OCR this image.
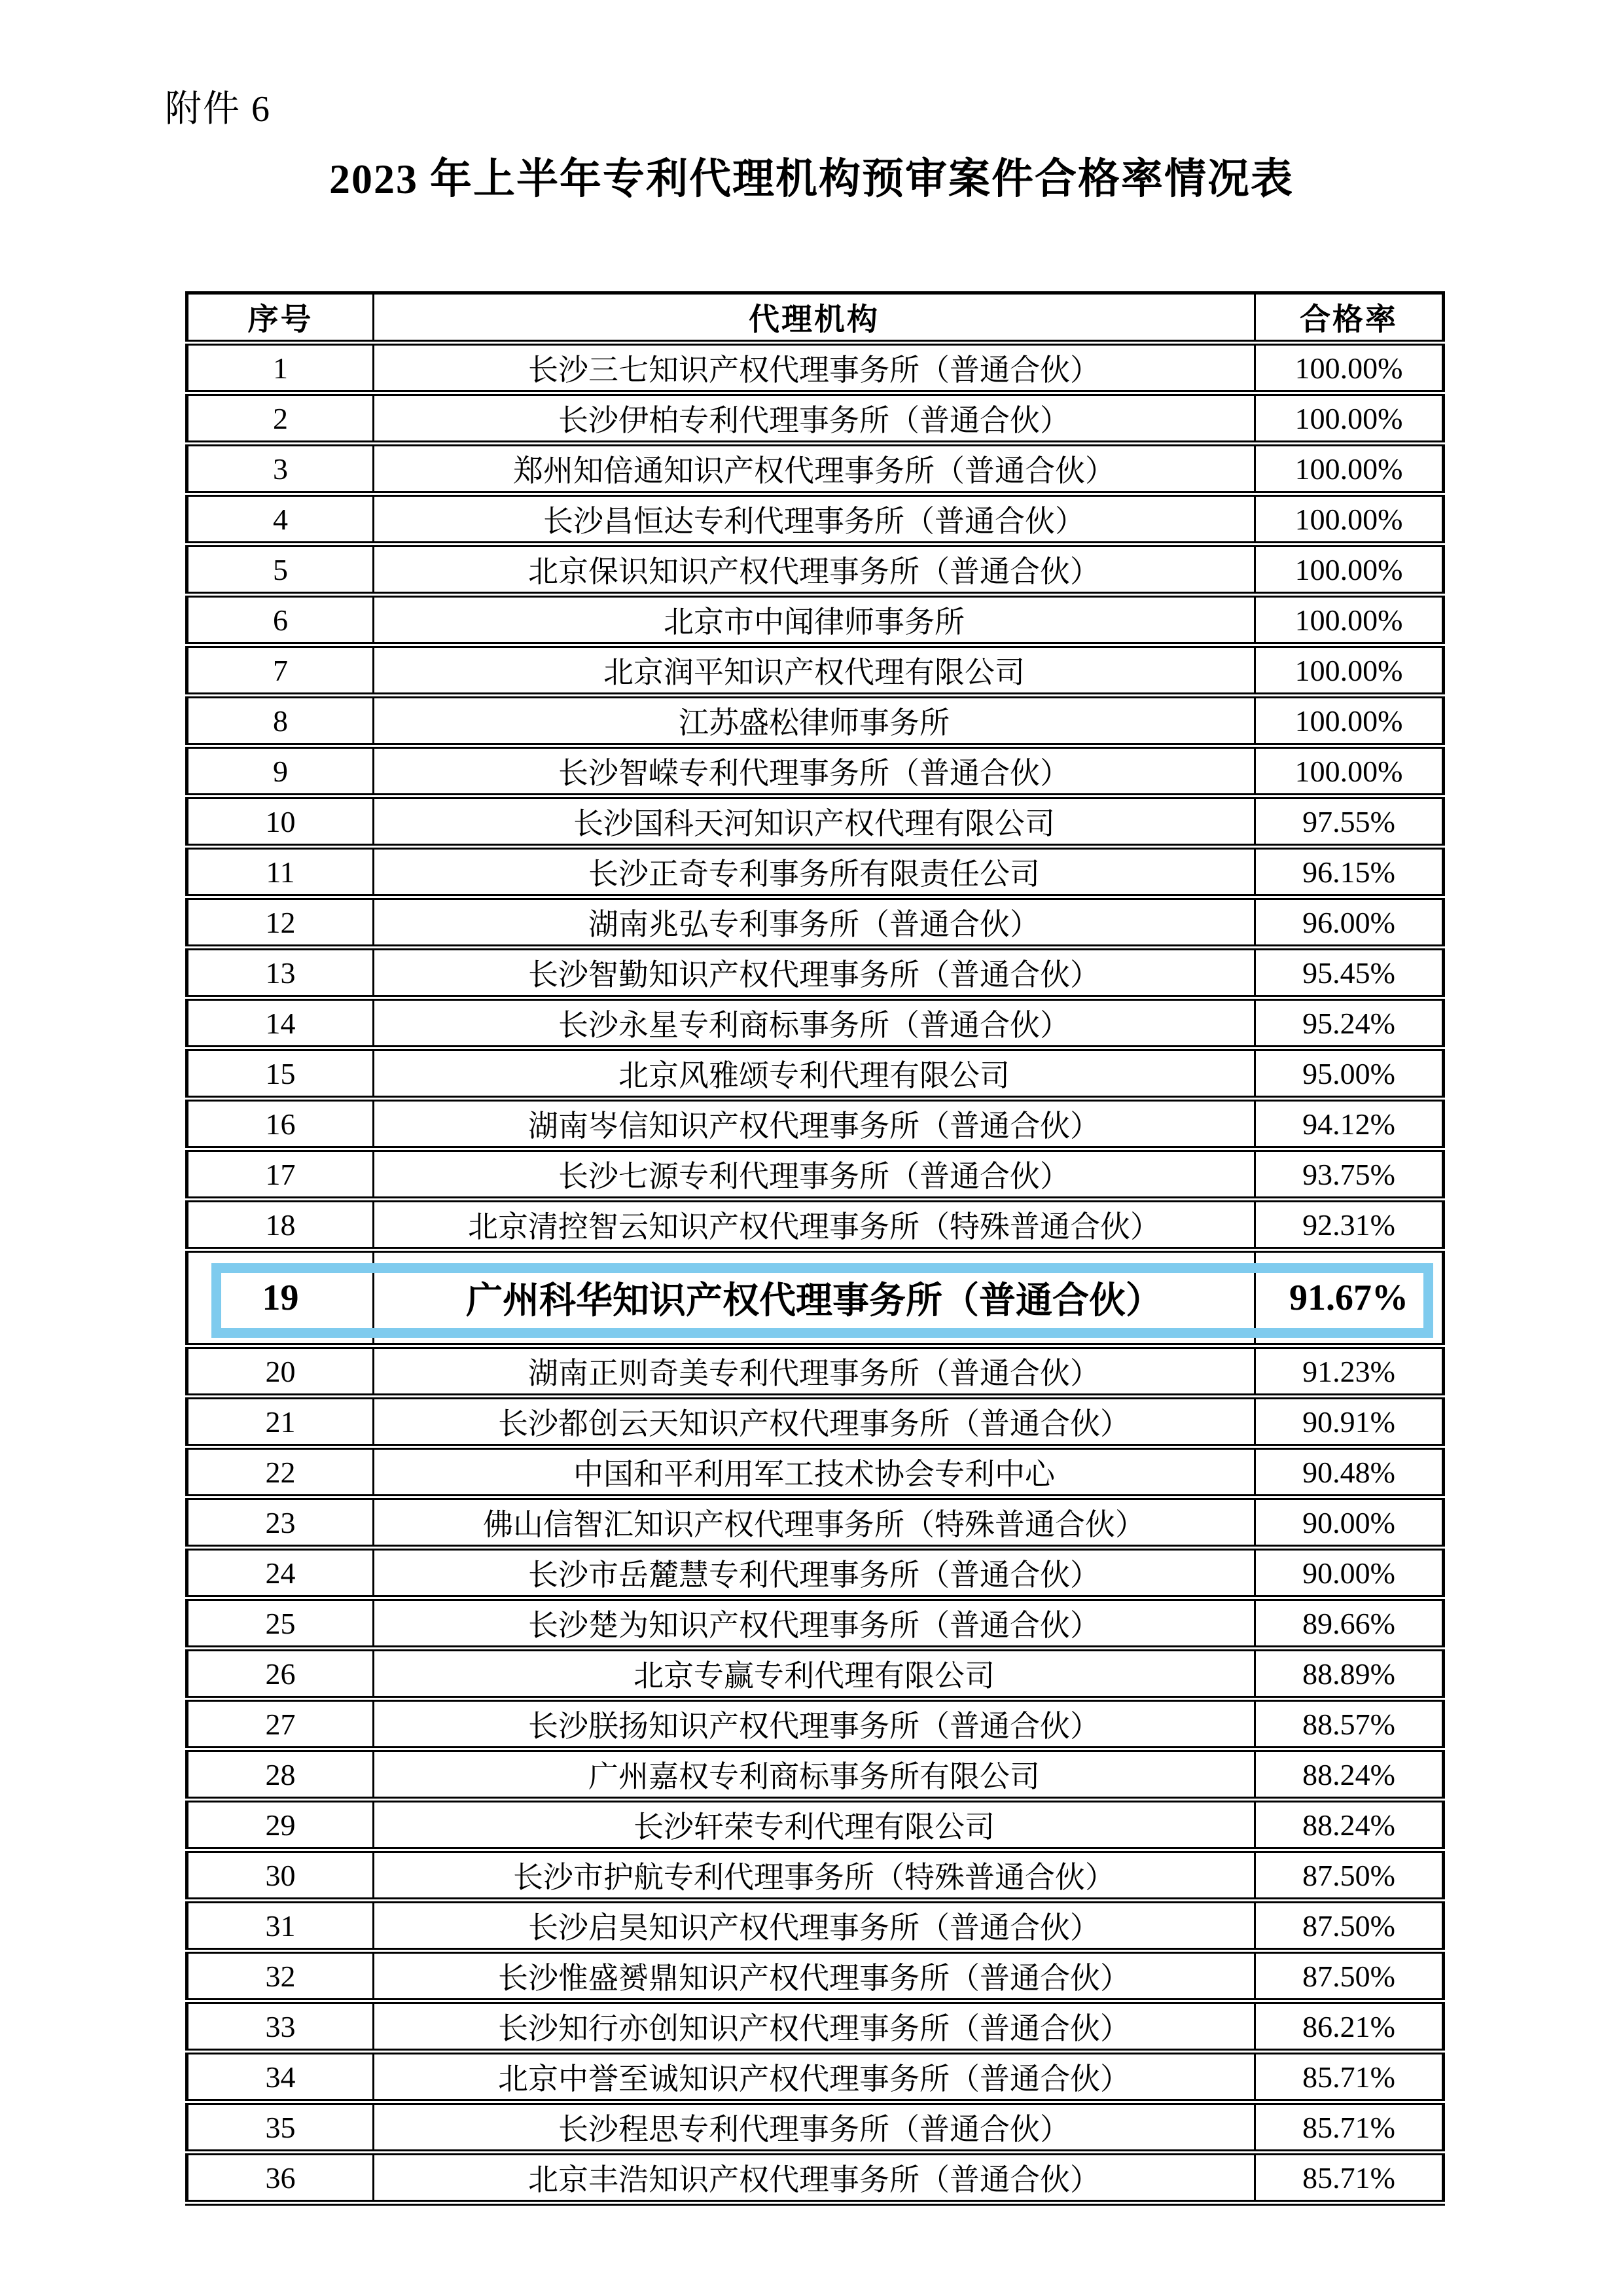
附件 6
2023 年上半年专利代理机构预审案件合格率情况表
序号	代理机构	合格率
1	长沙三七知识产权代理事务所（普通合伙）	100.00%
2	长沙伊柏专利代理事务所（普通合伙）	100.00%
3	郑州知倍通知识产权代理事务所（普通合伙）	100.00%
4	长沙昌恒达专利代理事务所（普通合伙）	100.00%
5	北京保识知识产权代理事务所（普通合伙）	100.00%
6	北京市中闻律师事务所	100.00%
7	北京润平知识产权代理有限公司	100.00%
8	江苏盛松律师事务所	100.00%
9	长沙智嵘专利代理事务所（普通合伙）	100.00%
10	长沙国科天河知识产权代理有限公司	97.55%
11	长沙正奇专利事务所有限责任公司	96.15%
12	湖南兆弘专利事务所（普通合伙）	96.00%
13	长沙智勤知识产权代理事务所（普通合伙）	95.45%
14	长沙永星专利商标事务所（普通合伙）	95.24%
15	北京风雅颂专利代理有限公司	95.00%
16	湖南岑信知识产权代理事务所（普通合伙）	94.12%
17	长沙七源专利代理事务所（普通合伙）	93.75%
18	北京清控智云知识产权代理事务所（特殊普通合伙）	92.31%
19	广州科华知识产权代理事务所（普通合伙）	91.67%
20	湖南正则奇美专利代理事务所（普通合伙）	91.23%
21	长沙都创云天知识产权代理事务所（普通合伙）	90.91%
22	中国和平利用军工技术协会专利中心	90.48%
23	佛山信智汇知识产权代理事务所（特殊普通合伙）	90.00%
24	长沙市岳麓慧专利代理事务所（普通合伙）	90.00%
25	长沙楚为知识产权代理事务所（普通合伙）	89.66%
26	北京专赢专利代理有限公司	88.89%
27	长沙朕扬知识产权代理事务所（普通合伙）	88.57%
28	广州嘉权专利商标事务所有限公司	88.24%
29	长沙轩荣专利代理有限公司	88.24%
30	长沙市护航专利代理事务所（特殊普通合伙）	87.50%
31	长沙启昊知识产权代理事务所（普通合伙）	87.50%
32	长沙惟盛赟鼎知识产权代理事务所（普通合伙）	87.50%
33	长沙知行亦创知识产权代理事务所（普通合伙）	86.21%
34	北京中誉至诚知识产权代理事务所（普通合伙）	85.71%
35	长沙程思专利代理事务所（普通合伙）	85.71%
36	北京丰浩知识产权代理事务所（普通合伙）	85.71%
